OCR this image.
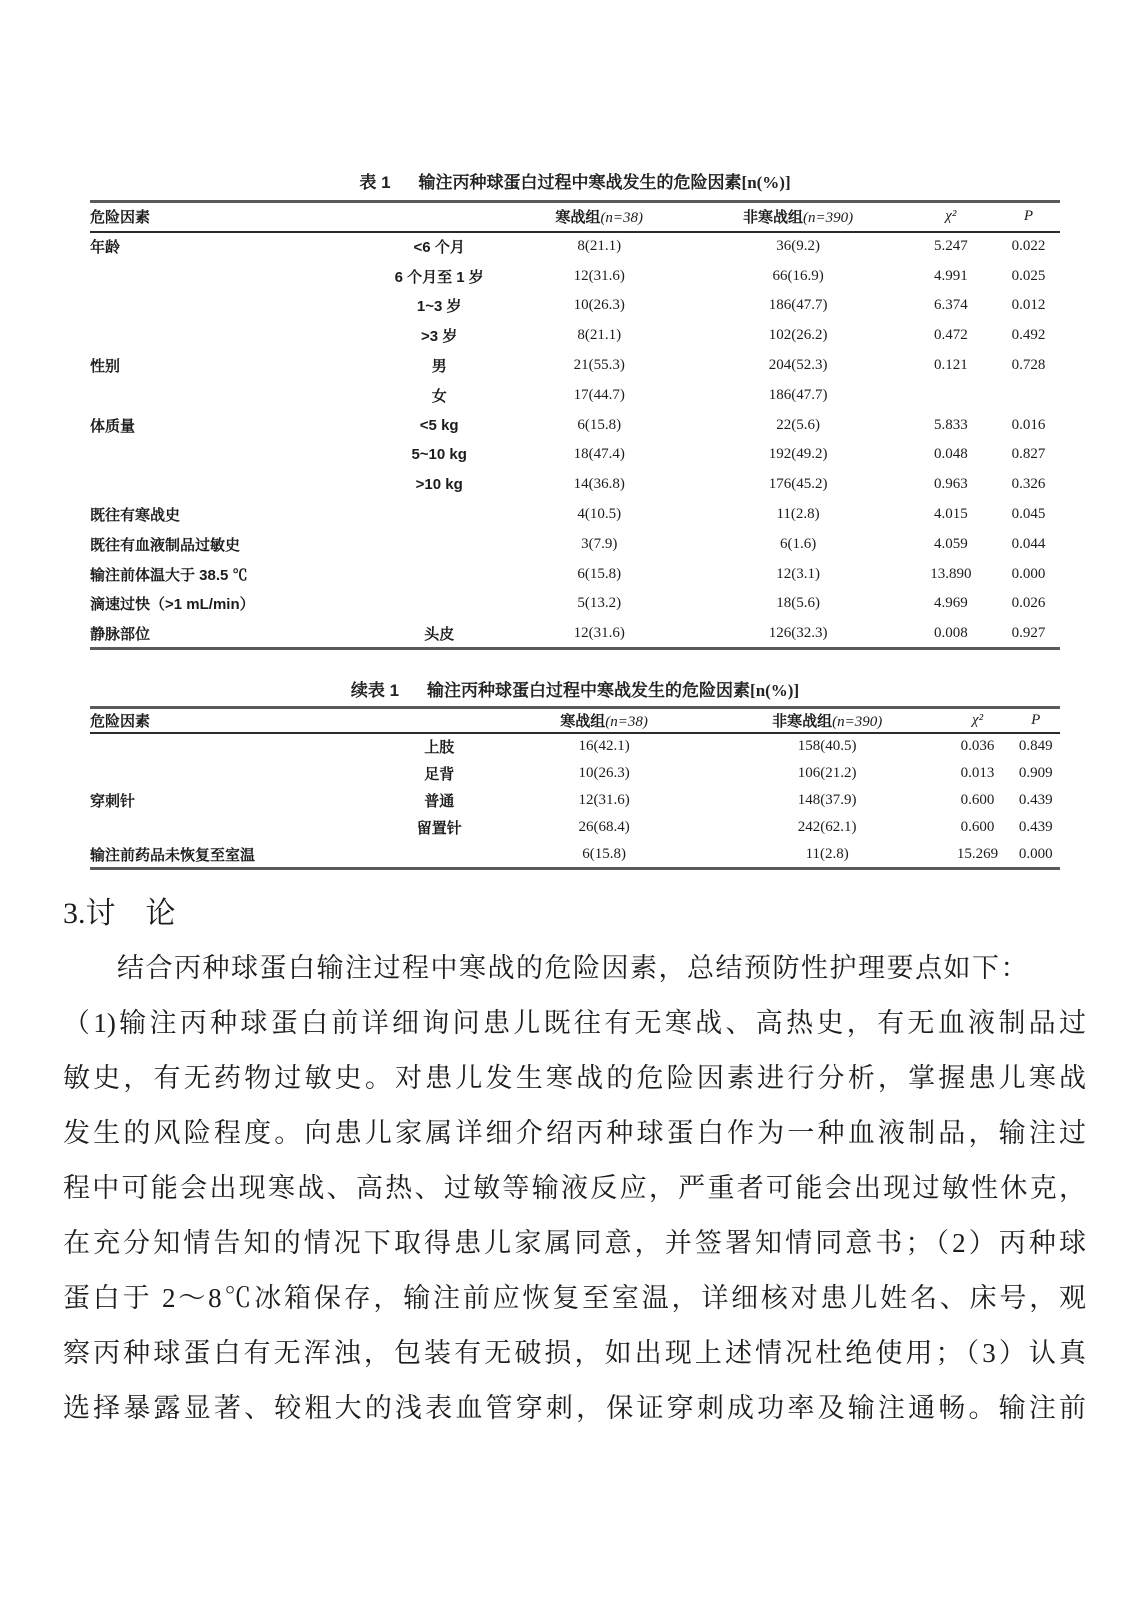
表 1 输注丙种球蛋白过程中寒战发生的危险因素[n(%)]
危险因素		寒战组(n=38)	非寒战组(n=390)	χ²	P
年龄	<6 个月	8(21.1)	36(9.2)	5.247	0.022
	6 个月至 1 岁	12(31.6)	66(16.9)	4.991	0.025
	1~3 岁	10(26.3)	186(47.7)	6.374	0.012
	>3 岁	8(21.1)	102(26.2)	0.472	0.492
性别	男	21(55.3)	204(52.3)	0.121	0.728
	女	17(44.7)	186(47.7)		
体质量	<5 kg	6(15.8)	22(5.6)	5.833	0.016
	5~10 kg	18(47.4)	192(49.2)	0.048	0.827
	>10 kg	14(36.8)	176(45.2)	0.963	0.326
既往有寒战史		4(10.5)	11(2.8)	4.015	0.045
既往有血液制品过敏史		3(7.9)	6(1.6)	4.059	0.044
输注前体温大于 38.5 ℃		6(15.8)	12(3.1)	13.890	0.000
滴速过快（>1 mL/min）		5(13.2)	18(5.6)	4.969	0.026
静脉部位	头皮	12(31.6)	126(32.3)	0.008	0.927
续表 1 输注丙种球蛋白过程中寒战发生的危险因素[n(%)]
危险因素		寒战组(n=38)	非寒战组(n=390)	χ²	P
	上肢	16(42.1)	158(40.5)	0.036	0.849
	足背	10(26.3)	106(21.2)	0.013	0.909
穿刺针	普通	12(31.6)	148(37.9)	0.600	0.439
	留置针	26(68.4)	242(62.1)	0.600	0.439
输注前药品未恢复至室温		6(15.8)	11(2.8)	15.269	0.000
3.讨　论
结合丙种球蛋白输注过程中寒战的危险因素，总结预防性护理要点如下：
（1)输注丙种球蛋白前详细询问患儿既往有无寒战、高热史，有无血液制品过
敏史，有无药物过敏史。对患儿发生寒战的危险因素进行分析，掌握患儿寒战
发生的风险程度。向患儿家属详细介绍丙种球蛋白作为一种血液制品，输注过
程中可能会出现寒战、高热、过敏等输液反应，严重者可能会出现过敏性休克，
在充分知情告知的情况下取得患儿家属同意，并签署知情同意书；（2）丙种球
蛋白于 2～8℃冰箱保存，输注前应恢复至室温，详细核对患儿姓名、床号，观
察丙种球蛋白有无浑浊，包装有无破损，如出现上述情况杜绝使用；（3）认真
选择暴露显著、较粗大的浅表血管穿刺，保证穿刺成功率及输注通畅。输注前
